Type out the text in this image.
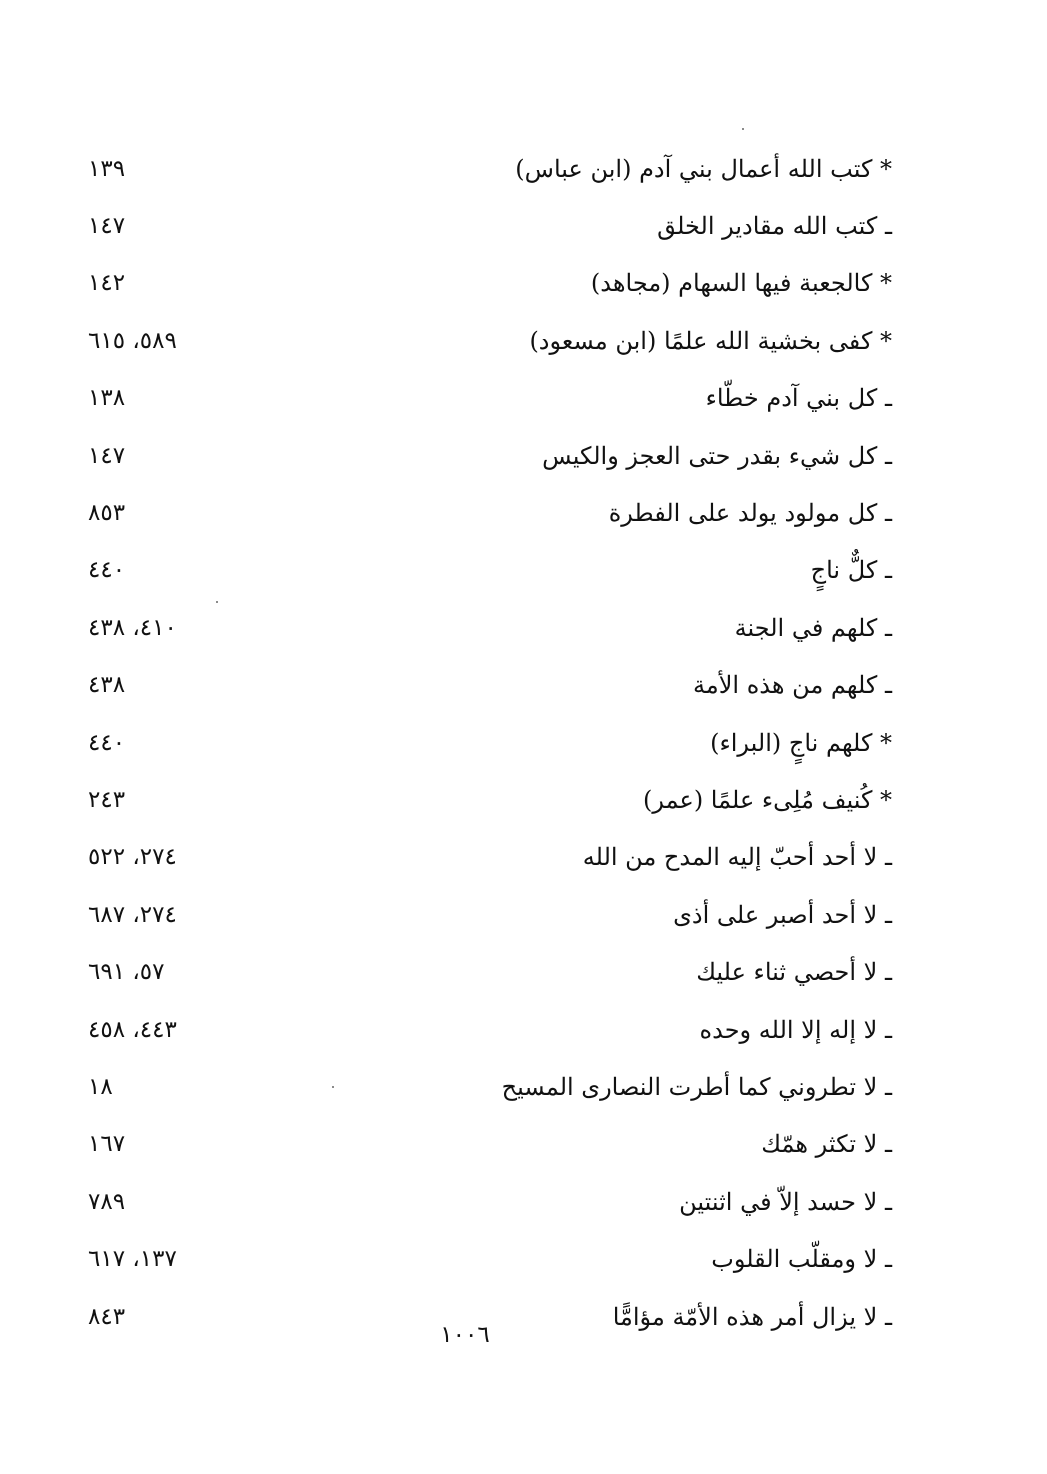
* كتب الله أعمال بني آدم (ابن عباس)
١٣٩
ـ كتب الله مقادير الخلق
١٤٧
* كالجعبة فيها السهام (مجاهد)
١٤٢
* كفى بخشية الله علمًا (ابن مسعود)
٥٨٩، ٦١٥
ـ كل بني آدم خطّاء
١٣٨
ـ كل شيء بقدر حتى العجز والكيس
١٤٧
ـ كل مولود يولد على الفطرة
٨٥٣
ـ كلٌّ ناجٍ
٤٤٠
ـ كلهم في الجنة
٤١٠، ٤٣٨
ـ كلهم من هذه الأمة
٤٣٨
* كلهم ناجٍ (البراء)
٤٤٠
* كُنيف مُلِىء علمًا (عمر)
٢٤٣
ـ لا أحد أحبّ إليه المدح من الله
٢٧٤، ٥٢٢
ـ لا أحد أصبر على أذى
٢٧٤، ٦٨٧
ـ لا أحصي ثناء عليك
٥٧، ٦٩١
ـ لا إله إلا الله وحده
٤٤٣، ٤٥٨
ـ لا تطروني كما أطرت النصارى المسيح
١٨
ـ لا تكثر همّك
١٦٧
ـ لا حسد إلاّ في اثنتين
٧٨٩
ـ لا ومقلّب القلوب
١٣٧، ٦١٧
ـ لا يزال أمر هذه الأمّة مؤامًّا
٨٤٣
١٠٠٦
